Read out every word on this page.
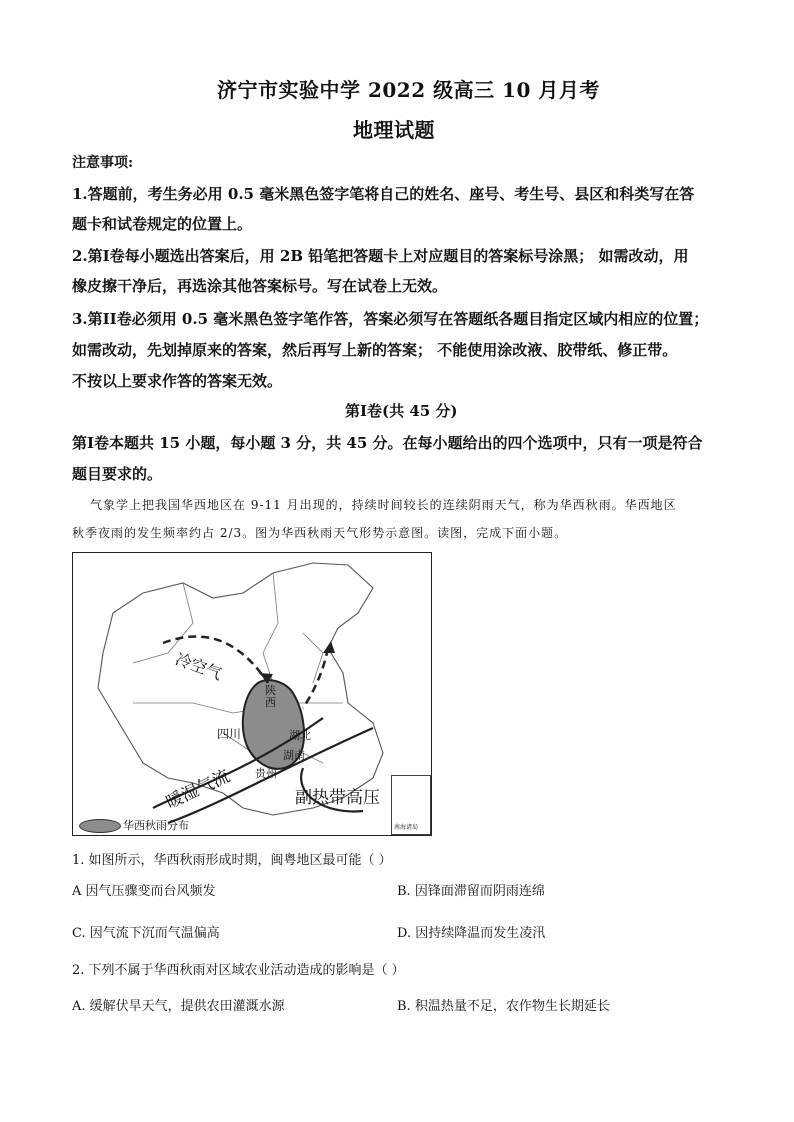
济宁市实验中学 2022 级高三 10 月月考
地理试题
注意事项:
1.答题前，考生务必用 0.5 毫米黑色签字笔将自己的姓名、座号、考生号、县区和科类写在答
题卡和试卷规定的位置上。
2.第I卷每小题选出答案后，用 2B 铅笔把答题卡上对应题目的答案标号涂黑； 如需改动，用
橡皮擦干净后，再选涂其他答案标号。写在试卷上无效。
3.第II卷必须用 0.5 毫米黑色签字笔作答，答案必须写在答题纸各题目指定区域内相应的位置；
如需改动，先划掉原来的答案，然后再写上新的答案； 不能使用涂改液、胶带纸、修正带。
不按以上要求作答的答案无效。
第I卷(共 45 分)
第I卷本题共 15 小题，每小题 3 分，共 45 分。在每小题给出的四个选项中，只有一项是符合
题目要求的。
气象学上把我国华西地区在 9-11 月出现的，持续时间较长的连续阴雨天气，称为华西秋雨。华西地区
秋季夜雨的发生频率约占 2/3。图为华西秋雨天气形势示意图。读图，完成下面小题。
冷空气
陕西
四川	湖北
湖南
贵州
暖湿气流	副热带高压
华西秋雨分布	南海诸岛
1. 如图所示，华西秋雨形成时期，闽粤地区最可能（ ）
A 因气压骤变而台风频发	B. 因锋面滞留而阴雨连绵
C. 因气流下沉而气温偏高	D. 因持续降温而发生凌汛
2. 下列不属于华西秋雨对区域农业活动造成的影响是（ ）
A. 缓解伏旱天气，提供农田灌溉水源	B. 积温热量不足，农作物生长期延长
